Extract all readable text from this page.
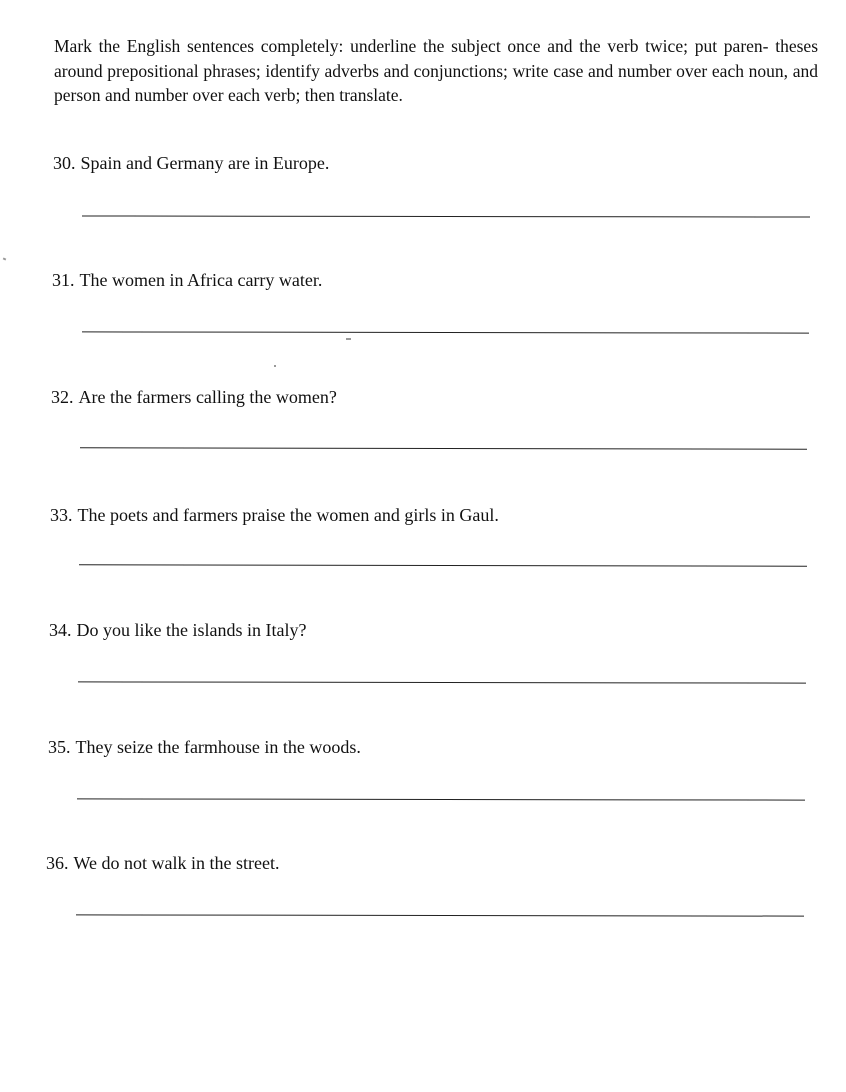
Mark the English sentences completely: underline the subject once and the verb twice; put paren- theses around prepositional phrases; identify adverbs and conjunctions; write case and number over each noun, and person and number over each verb; then translate.

30. Spain and Germany are in Europe.
31. The women in Africa carry water.
32. Are the farmers calling the women?
33. The poets and farmers praise the women and girls in Gaul.
34. Do you like the islands in Italy?
35. They seize the farmhouse in the woods.
36. We do not walk in the street.
